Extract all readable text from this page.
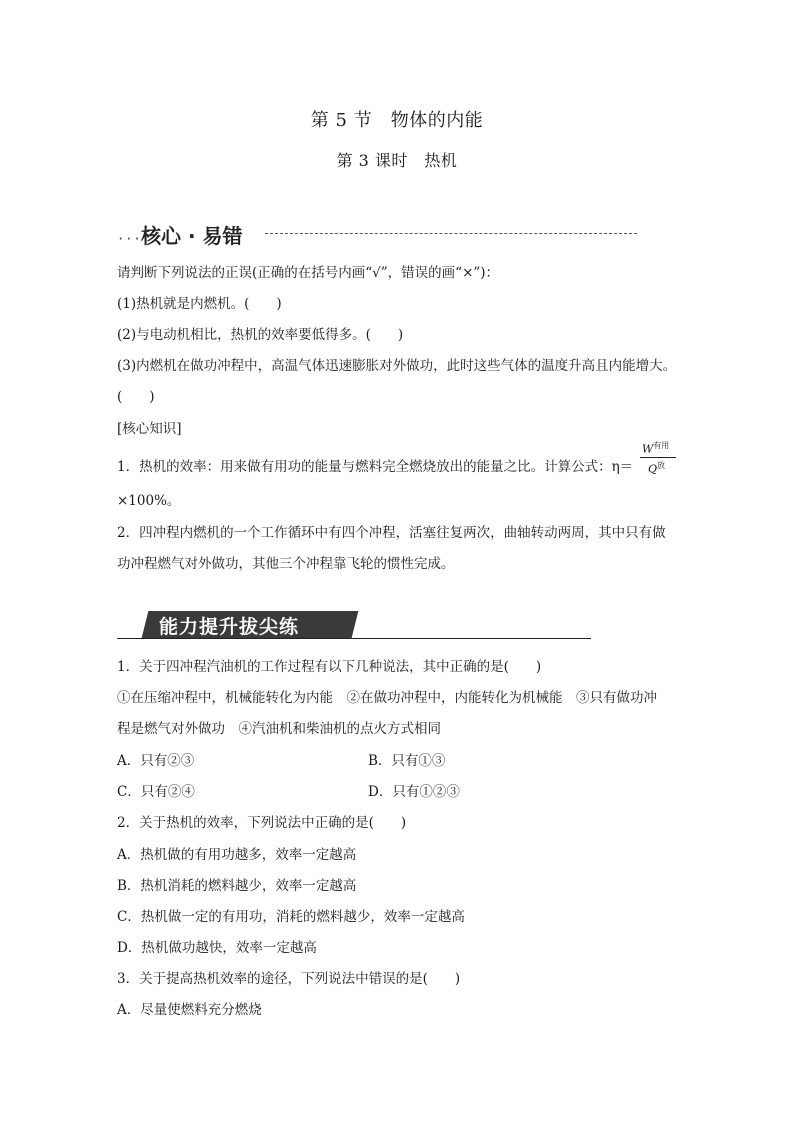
第 5 节　物体的内能
第 3 课时　热机
··· 核心 · 易错
请判断下列说法的正误(正确的在括号内画“√”，错误的画“×”)：
(1)热机就是内燃机。(　　)
(2)与电动机相比，热机的效率要低得多。(　　)
(3)内燃机在做功冲程中，高温气体迅速膨胀对外做功，此时这些气体的温度升高且内能增大。
(　　)
[核心知识]
1．热机的效率：用来做有用功的能量与燃料完全燃烧放出的能量之比。计算公式：η＝
$W_{有用}$
$Q_放$
×100%。
2．四冲程内燃机的一个工作循环中有四个冲程，活塞往复两次，曲轴转动两周，其中只有做
功冲程燃气对外做功，其他三个冲程靠飞轮的惯性完成。
能力提升拔尖练
1．关于四冲程汽油机的工作过程有以下几种说法，其中正确的是(　　)
①在压缩冲程中，机械能转化为内能　②在做功冲程中，内能转化为机械能　③只有做功冲
程是燃气对外做功　④汽油机和柴油机的点火方式相同
A．只有②③	B．只有①③
C．只有②④	D．只有①②③
2．关于热机的效率，下列说法中正确的是(　　)
A．热机做的有用功越多，效率一定越高
B．热机消耗的燃料越少，效率一定越高
C．热机做一定的有用功，消耗的燃料越少，效率一定越高
D．热机做功越快，效率一定越高
3．关于提高热机效率的途径，下列说法中错误的是(　　)
A．尽量使燃料充分燃烧
